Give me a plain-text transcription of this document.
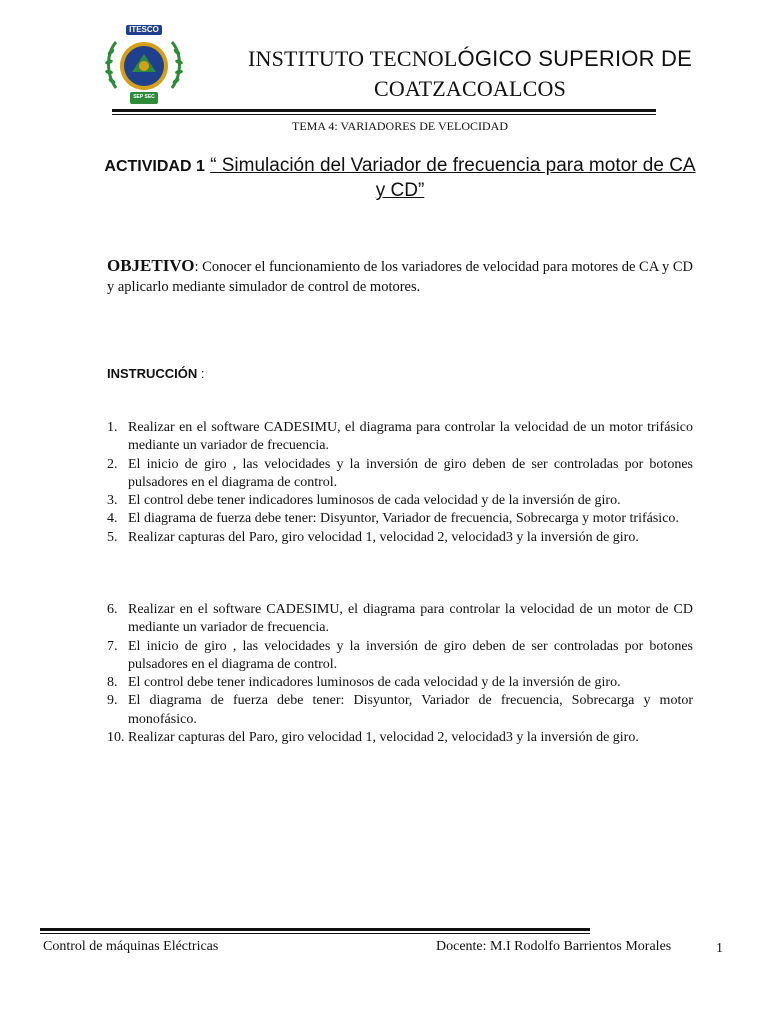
ITESCO
SEP SEC
INSTITUTO TECNOLÓGICO SUPERIOR DE
COATZACOALCOS
TEMA 4: VARIADORES DE VELOCIDAD
ACTIVIDAD 1 “ Simulación del Variador de frecuencia para motor de CA y CD”
OBJETIVO: Conocer el funcionamiento de los variadores de velocidad para motores de CA y CD y aplicarlo mediante simulador de control de motores.
INSTRUCCIÓN :
1. Realizar en el software CADESIMU, el diagrama para controlar la velocidad de un motor trifásico mediante un variador de frecuencia.
2. El inicio de giro , las velocidades y la inversión de giro deben de ser controladas por botones pulsadores en el diagrama de control.
3. El control debe tener indicadores luminosos de cada velocidad y de la inversión de giro.
4. El diagrama de fuerza debe tener: Disyuntor, Variador de frecuencia, Sobrecarga y motor trifásico.
5. Realizar capturas del Paro, giro velocidad 1, velocidad 2, velocidad3 y la inversión de giro.
6. Realizar en el software CADESIMU, el diagrama para controlar la velocidad de un motor de CD mediante un variador de frecuencia.
7. El inicio de giro , las velocidades y la inversión de giro deben de ser controladas por botones pulsadores en el diagrama de control.
8. El control debe tener indicadores luminosos de cada velocidad y de la inversión de giro.
9. El diagrama de fuerza debe tener: Disyuntor, Variador de frecuencia, Sobrecarga y motor monofásico.
10. Realizar capturas del Paro, giro velocidad 1, velocidad 2, velocidad3 y la inversión de giro.
Control de máquinas Eléctricas	Docente: M.I Rodolfo Barrientos Morales	1
